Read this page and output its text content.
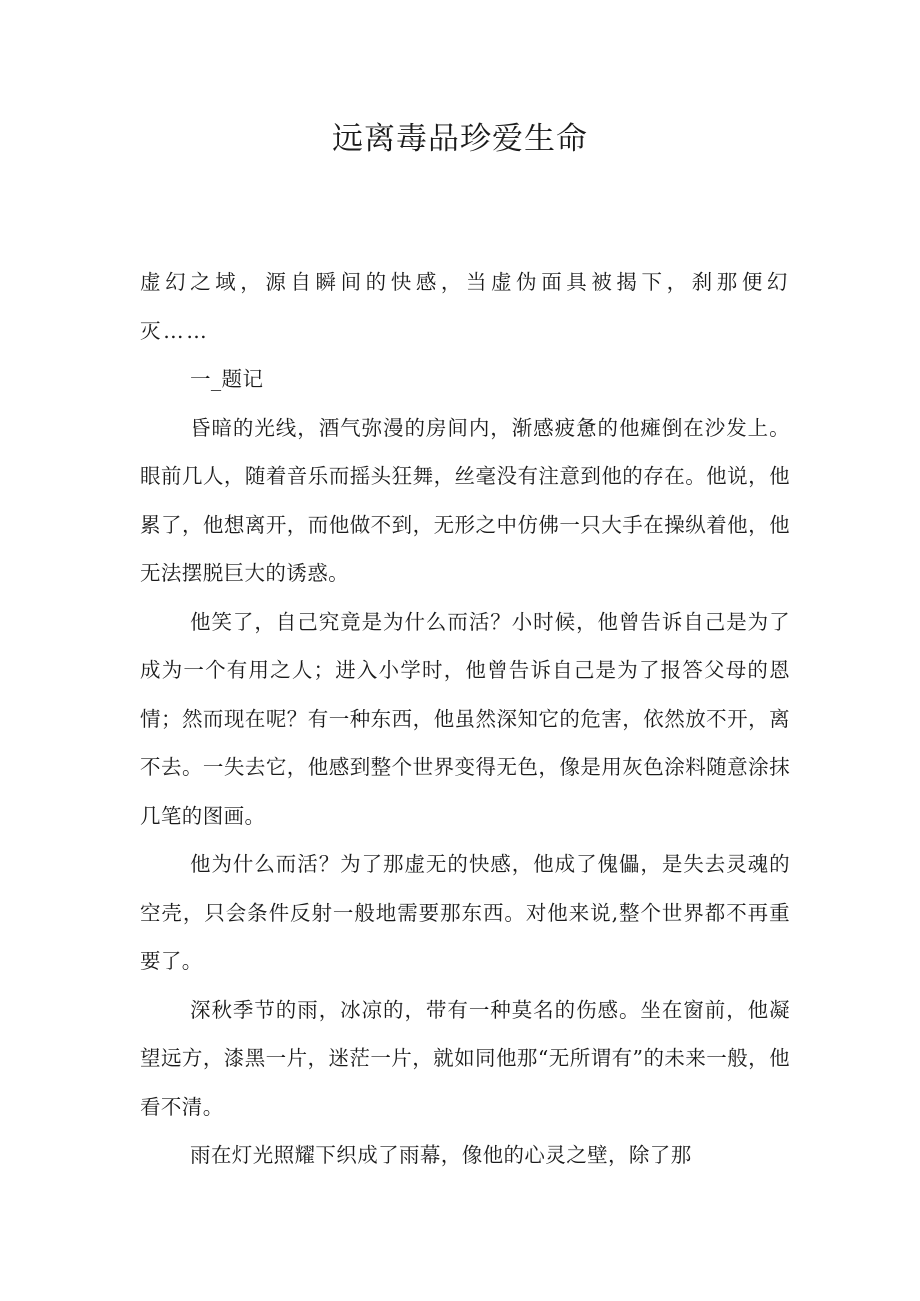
远离毒品珍爱生命

虚幻之域，源自瞬间的快感，当虚伪面具被揭下，刹那便幻灭……

一_题记

昏暗的光线，酒气弥漫的房间内，渐感疲惫的他瘫倒在沙发上。眼前几人，随着音乐而摇头狂舞，丝毫没有注意到他的存在。他说，他累了，他想离开，而他做不到，无形之中仿佛一只大手在操纵着他，他无法摆脱巨大的诱惑。

他笑了，自己究竟是为什么而活？小时候，他曾告诉自己是为了成为一个有用之人；进入小学时，他曾告诉自己是为了报答父母的恩情；然而现在呢？有一种东西，他虽然深知它的危害，依然放不开，离不去。一失去它，他感到整个世界变得无色，像是用灰色涂料随意涂抹几笔的图画。

他为什么而活？为了那虚无的快感，他成了傀儡，是失去灵魂的空壳，只会条件反射一般地需要那东西。对他来说,整个世界都不再重要了。

深秋季节的雨，冰凉的，带有一种莫名的伤感。坐在窗前，他凝望远方，漆黑一片，迷茫一片，就如同他那“无所谓有”的未来一般，他看不清。

雨在灯光照耀下织成了雨幕，像他的心灵之壁，除了那
